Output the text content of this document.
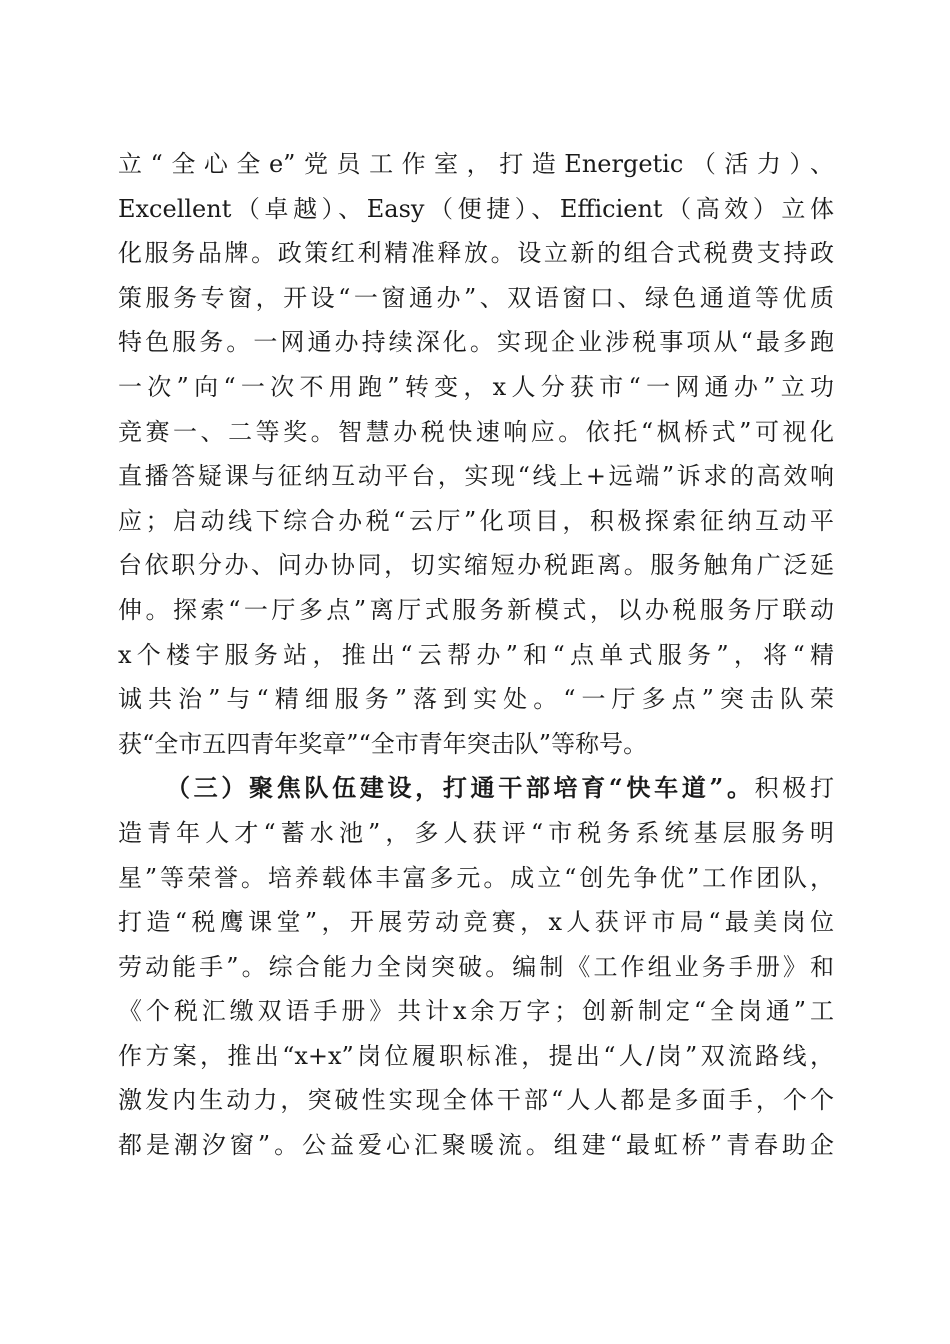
立“全心全e”党员工作室，打造Energetic（活力）、
Excellent（卓越）、Easy（便捷）、Efficient（高效）立体
化服务品牌。政策红利精准释放。设立新的组合式税费支持政
策服务专窗，开设“一窗通办”、双语窗口、绿色通道等优质
特色服务。一网通办持续深化。实现企业涉税事项从“最多跑
一次”向“一次不用跑”转变，x人分获市“一网通办”立功
竞赛一、二等奖。智慧办税快速响应。依托“枫桥式”可视化
直播答疑课与征纳互动平台，实现“线上+远端”诉求的高效响
应；启动线下综合办税“云厅”化项目，积极探索征纳互动平
台依职分办、问办协同，切实缩短办税距离。服务触角广泛延
伸。探索“一厅多点”离厅式服务新模式，以办税服务厅联动
x个楼宇服务站，推出“云帮办”和“点单式服务”，将“精
诚共治”与“精细服务”落到实处。“一厅多点”突击队荣
获“全市五四青年奖章”“全市青年突击队”等称号。
（三）聚焦队伍建设，打通干部培育“快车道”。积极打
造青年人才“蓄水池”，多人获评“市税务系统基层服务明
星”等荣誉。培养载体丰富多元。成立“创先争优”工作团队，
打造“税鹰课堂”，开展劳动竞赛，x人获评市局“最美岗位
劳动能手”。综合能力全岗突破。编制《工作组业务手册》和
《个税汇缴双语手册》共计x余万字；创新制定“全岗通”工
作方案，推出“x+x”岗位履职标准，提出“人/岗”双流路线，
激发内生动力，突破性实现全体干部“人人都是多面手，个个
都是潮汐窗”。公益爱心汇聚暖流。组建“最虹桥”青春助企
